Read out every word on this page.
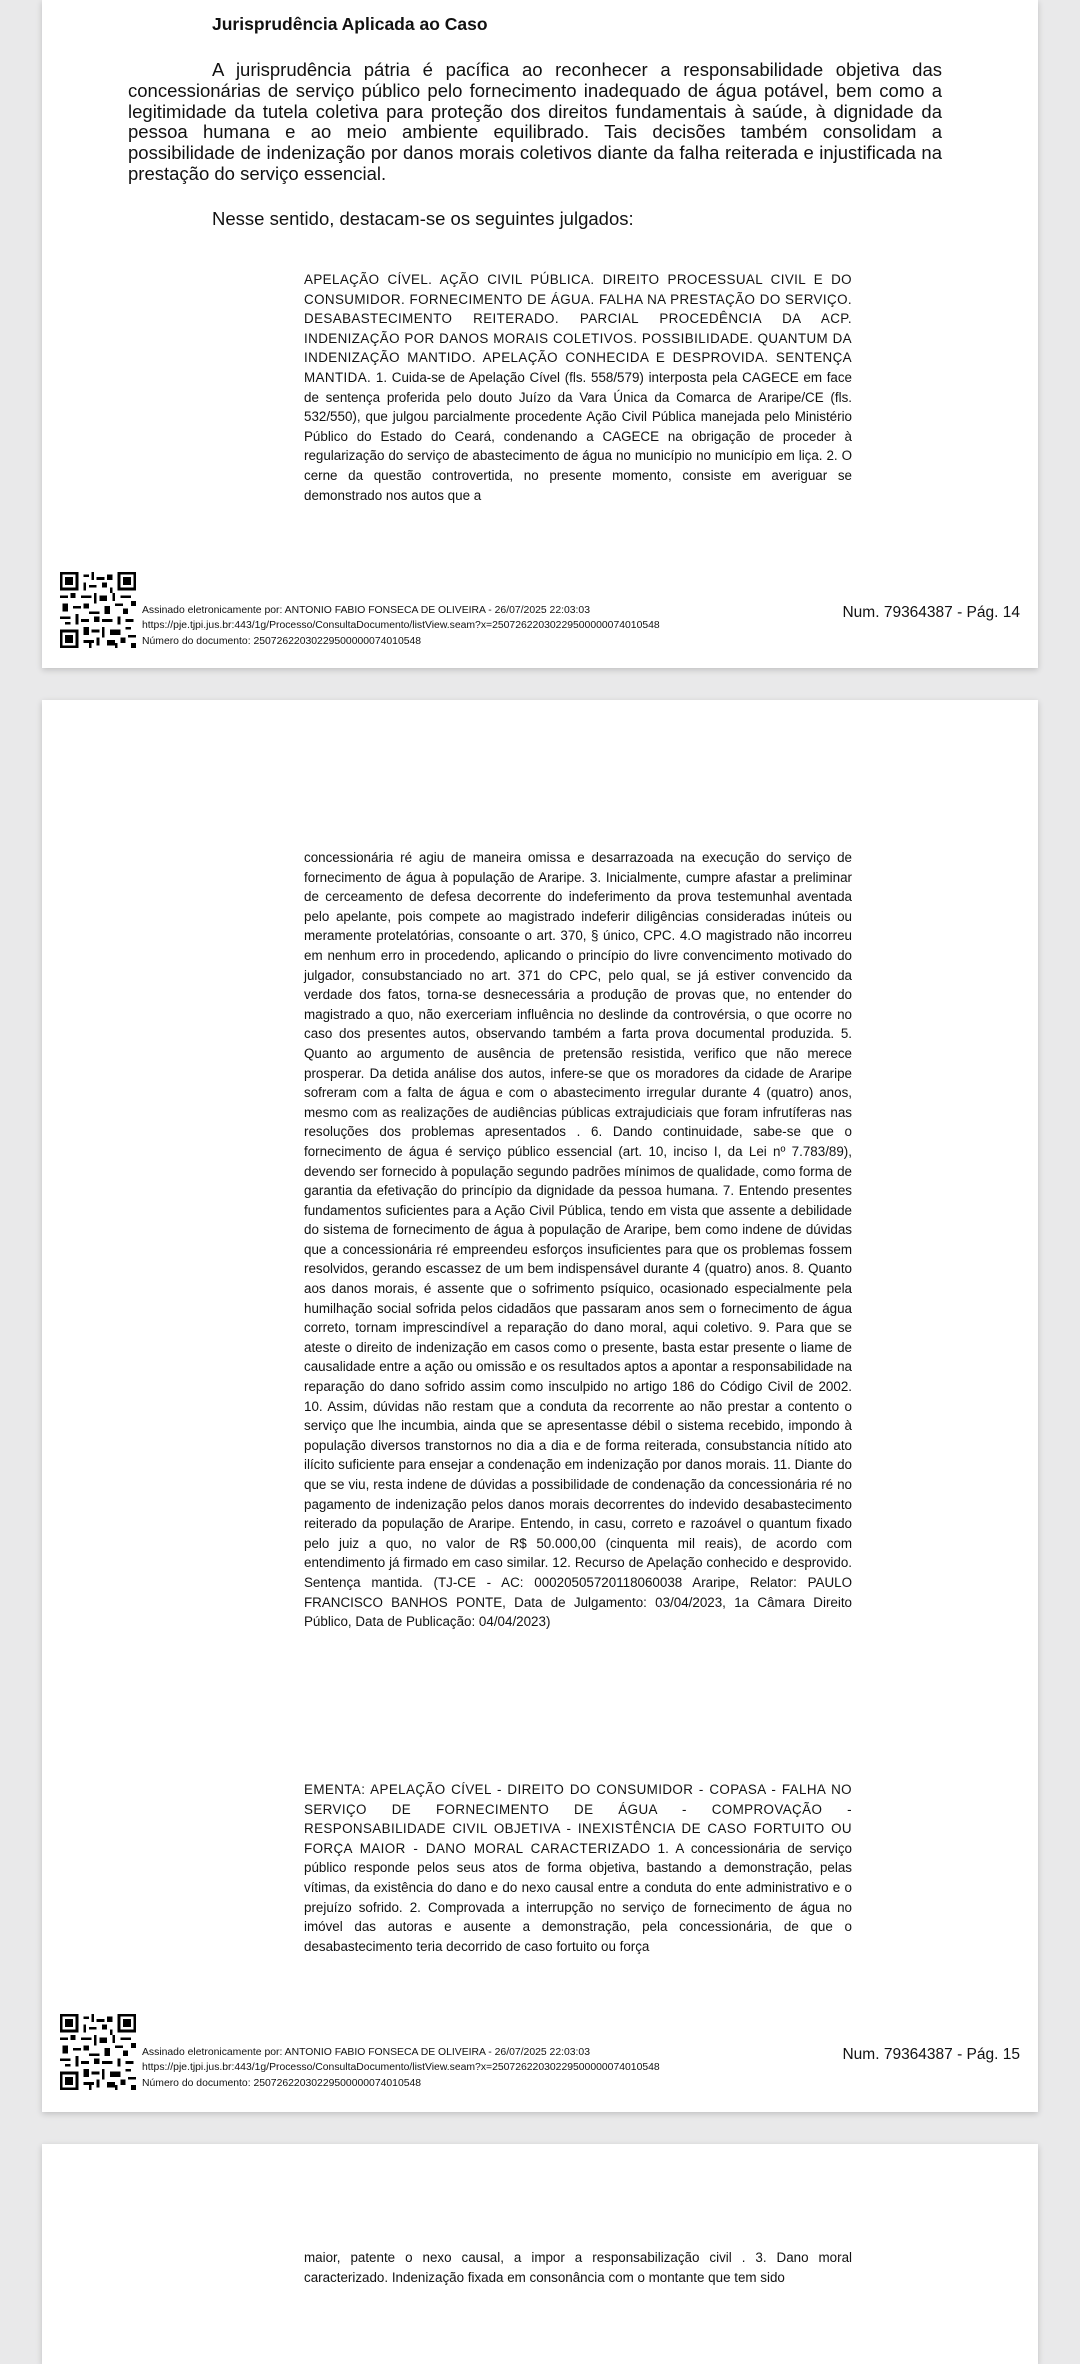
Jurisprudência Aplicada ao Caso

A jurisprudência pátria é pacífica ao reconhecer a responsabilidade objetiva das concessionárias de serviço público pelo fornecimento inadequado de água potável, bem como a legitimidade da tutela coletiva para proteção dos direitos fundamentais à saúde, à dignidade da pessoa humana e ao meio ambiente equilibrado. Tais decisões também consolidam a possibilidade de indenização por danos morais coletivos diante da falha reiterada e injustificada na prestação do serviço essencial.

Nesse sentido, destacam-se os seguintes julgados:

APELAÇÃO CÍVEL. AÇÃO CIVIL PÚBLICA. DIREITO PROCESSUAL CIVIL E DO CONSUMIDOR. FORNECIMENTO DE ÁGUA. FALHA NA PRESTAÇÃO DO SERVIÇO. DESABASTECIMENTO REITERADO. PARCIAL PROCEDÊNCIA DA ACP. INDENIZAÇÃO POR DANOS MORAIS COLETIVOS. POSSIBILIDADE. QUANTUM DA INDENIZAÇÃO MANTIDO. APELAÇÃO CONHECIDA E DESPROVIDA. SENTENÇA MANTIDA. 1. Cuida-se de Apelação Cível (fls. 558/579) interposta pela CAGECE em face de sentença proferida pelo douto Juízo da Vara Única da Comarca de Araripe/CE (fls. 532/550), que julgou parcialmente procedente Ação Civil Pública manejada pelo Ministério Público do Estado do Ceará, condenando a CAGECE na obrigação de proceder à regularização do serviço de abastecimento de água no município no município em liça. 2. O cerne da questão controvertida, no presente momento, consiste em averiguar se demonstrado nos autos que a

Assinado eletronicamente por: ANTONIO FABIO FONSECA DE OLIVEIRA - 26/07/2025 22:03:03
https://pje.tjpi.jus.br:443/1g/Processo/ConsultaDocumento/listView.seam?x=25072622030229500000074010548
Número do documento: 25072622030229500000074010548

Num. 79364387 - Pág. 14

concessionária ré agiu de maneira omissa e desarrazoada na execução do serviço de fornecimento de água à população de Araripe. 3. Inicialmente, cumpre afastar a preliminar de cerceamento de defesa decorrente do indeferimento da prova testemunhal aventada pelo apelante, pois compete ao magistrado indeferir diligências consideradas inúteis ou meramente protelatórias, consoante o art. 370, § único, CPC. 4.O magistrado não incorreu em nenhum erro in procedendo, aplicando o princípio do livre convencimento motivado do julgador, consubstanciado no art. 371 do CPC, pelo qual, se já estiver convencido da verdade dos fatos, torna-se desnecessária a produção de provas que, no entender do magistrado a quo, não exerceriam influência no deslinde da controvérsia, o que ocorre no caso dos presentes autos, observando também a farta prova documental produzida. 5. Quanto ao argumento de ausência de pretensão resistida, verifico que não merece prosperar. Da detida análise dos autos, infere-se que os moradores da cidade de Araripe sofreram com a falta de água e com o abastecimento irregular durante 4 (quatro) anos, mesmo com as realizações de audiências públicas extrajudiciais que foram infrutíferas nas resoluções dos problemas apresentados . 6. Dando continuidade, sabe-se que o fornecimento de água é serviço público essencial (art. 10, inciso I, da Lei nº 7.783/89), devendo ser fornecido à população segundo padrões mínimos de qualidade, como forma de garantia da efetivação do princípio da dignidade da pessoa humana. 7. Entendo presentes fundamentos suficientes para a Ação Civil Pública, tendo em vista que assente a debilidade do sistema de fornecimento de água à população de Araripe, bem como indene de dúvidas que a concessionária ré empreendeu esforços insuficientes para que os problemas fossem resolvidos, gerando escassez de um bem indispensável durante 4 (quatro) anos. 8. Quanto aos danos morais, é assente que o sofrimento psíquico, ocasionado especialmente pela humilhação social sofrida pelos cidadãos que passaram anos sem o fornecimento de água correto, tornam imprescindível a reparação do dano moral, aqui coletivo. 9. Para que se ateste o direito de indenização em casos como o presente, basta estar presente o liame de causalidade entre a ação ou omissão e os resultados aptos a apontar a responsabilidade na reparação do dano sofrido assim como insculpido no artigo 186 do Código Civil de 2002. 10. Assim, dúvidas não restam que a conduta da recorrente ao não prestar a contento o serviço que lhe incumbia, ainda que se apresentasse débil o sistema recebido, impondo à população diversos transtornos no dia a dia e de forma reiterada, consubstancia nítido ato ilícito suficiente para ensejar a condenação em indenização por danos morais. 11. Diante do que se viu, resta indene de dúvidas a possibilidade de condenação da concessionária ré no pagamento de indenização pelos danos morais decorrentes do indevido desabastecimento reiterado da população de Araripe. Entendo, in casu, correto e razoável o quantum fixado pelo juiz a quo, no valor de R$ 50.000,00 (cinquenta mil reais), de acordo com entendimento já firmado em caso similar. 12. Recurso de Apelação conhecido e desprovido. Sentença mantida. (TJ-CE - AC: 00020505720118060038 Araripe, Relator: PAULO FRANCISCO BANHOS PONTE, Data de Julgamento: 03/04/2023, 1a Câmara Direito Público, Data de Publicação: 04/04/2023)

EMENTA: APELAÇÃO CÍVEL - DIREITO DO CONSUMIDOR - COPASA - FALHA NO SERVIÇO DE FORNECIMENTO DE ÁGUA - COMPROVAÇÃO - RESPONSABILIDADE CIVIL OBJETIVA - INEXISTÊNCIA DE CASO FORTUITO OU FORÇA MAIOR - DANO MORAL CARACTERIZADO 1. A concessionária de serviço público responde pelos seus atos de forma objetiva, bastando a demonstração, pelas vítimas, da existência do dano e do nexo causal entre a conduta do ente administrativo e o prejuízo sofrido. 2. Comprovada a interrupção no serviço de fornecimento de água no imóvel das autoras e ausente a demonstração, pela concessionária, de que o desabastecimento teria decorrido de caso fortuito ou força

Assinado eletronicamente por: ANTONIO FABIO FONSECA DE OLIVEIRA - 26/07/2025 22:03:03
https://pje.tjpi.jus.br:443/1g/Processo/ConsultaDocumento/listView.seam?x=25072622030229500000074010548
Número do documento: 25072622030229500000074010548

Num. 79364387 - Pág. 15

maior, patente o nexo causal, a impor a responsabilização civil . 3. Dano moral caracterizado. Indenização fixada em consonância com o montante que tem sido
